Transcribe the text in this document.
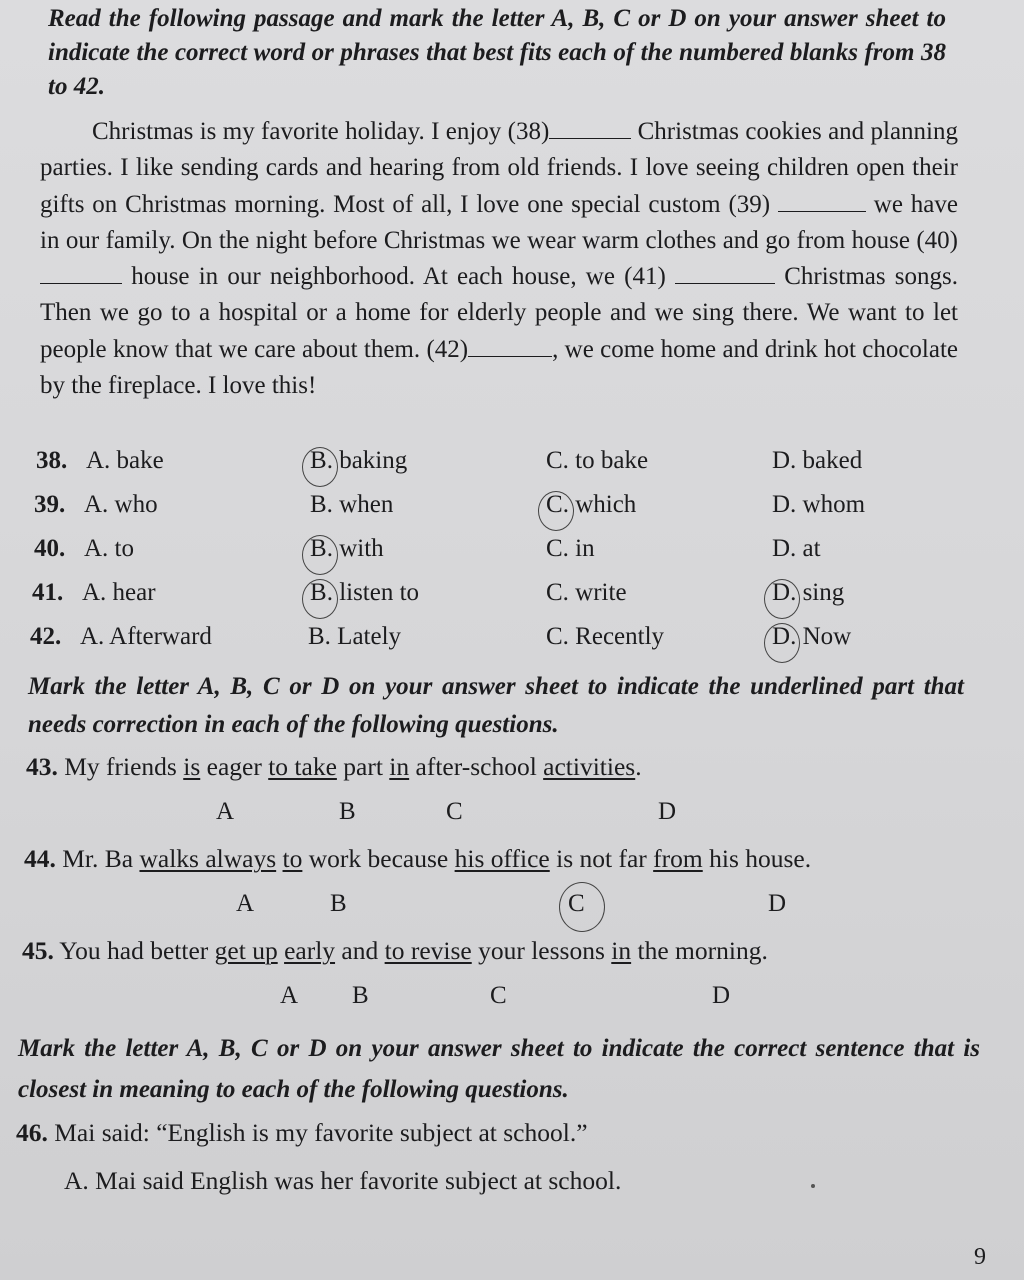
Read the following passage and mark the letter A, B, C or D on your answer sheet to indicate the correct word or phrases that best fits each of the numbered blanks from 38 to 42.

Christmas is my favorite holiday. I enjoy (38)	Christmas cookies and planning parties. I like sending cards and hearing from old friends. I love seeing children open their gifts on Christmas morning. Most of all, I love one special custom (39)	we have in our family. On the night before Christmas we wear warm clothes and go from house (40)  house in our neighborhood. At each house, we (41)	Christmas songs. Then we go to a hospital or a home for elderly people and we sing there. We want to let people know that we care about them. (42)	, we come home and drink hot chocolate by the fireplace. I love this!

38. A. bake	B. baking	C. to bake	D. baked
39. A. who	B. when	C. which	D. whom
40. A. to	B. with	C. in	D. at
41. A. hear	B. listen to	C. write	D. sing
42. A. Afterward	B. Lately	C. Recently	D. Now

Mark the letter A, B, C or D on your answer sheet to indicate the underlined part that needs correction in each of the following questions.

43. My friends is eager to take part in after-school activities.
A	B	C	D
44. Mr. Ba walks always to work because his office is not far from his house.
A	B	C	D
45. You had better get up early and to revise your lessons in the morning.
A B	C	D

Mark the letter A, B, C or D on your answer sheet to indicate the correct sentence that is closest in meaning to each of the following questions.

46. Mai said: “English is my favorite subject at school.”
A. Mai said English was her favorite subject at school.
9
